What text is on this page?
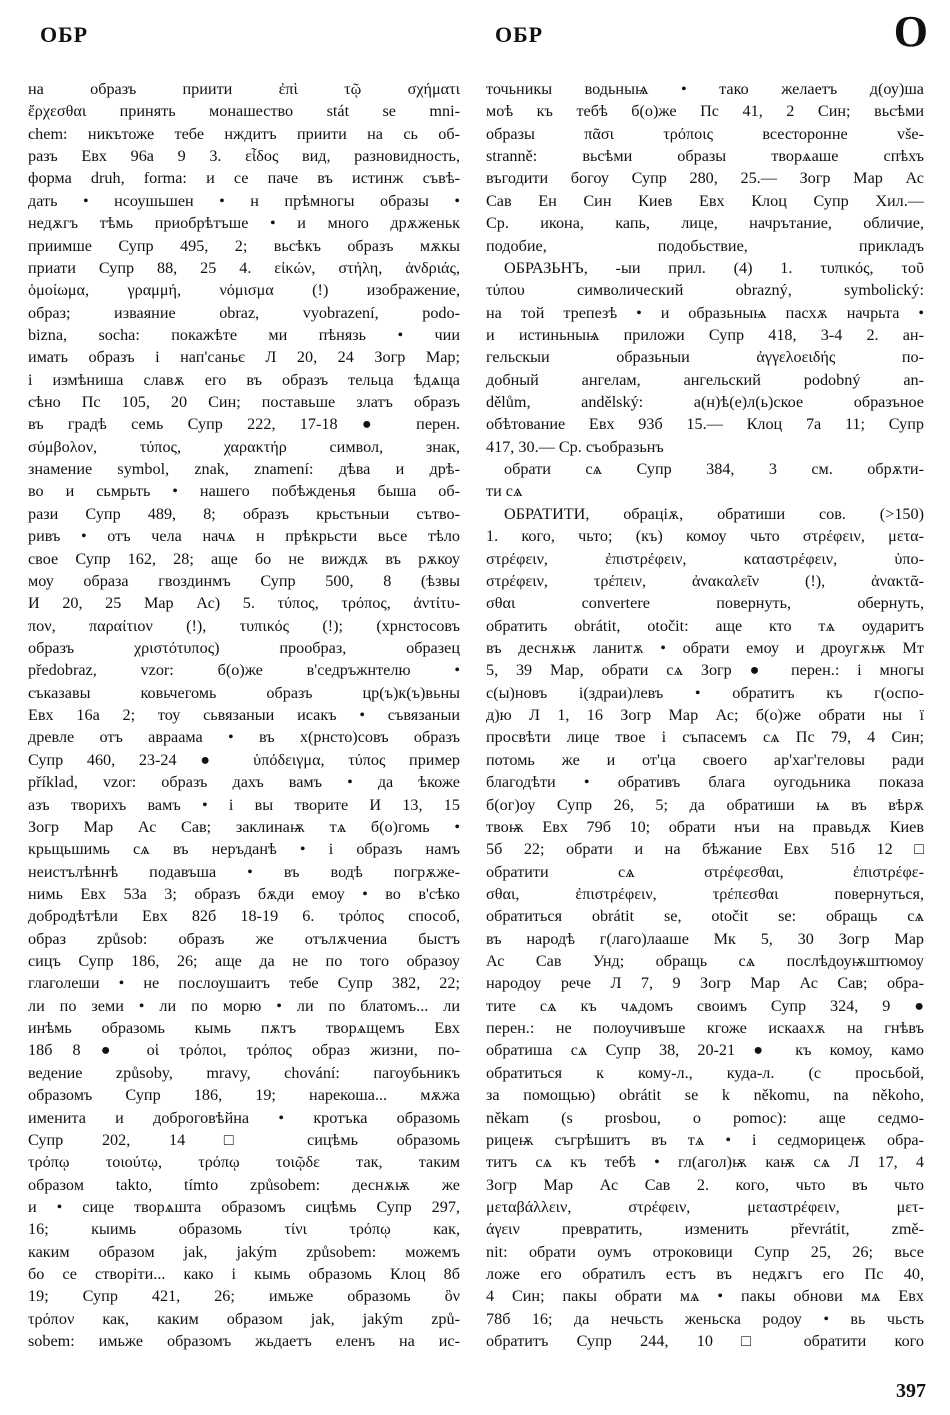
ОБР	ОБР	О
на образъ приити ἐπὶ τῷ σχήματι
ἔρχεσθαι принять монашество stát se mni-
chem: никътоже тебе нждитъ приити на сь об-
разъ Евх 96а 9 3. εἶδος вид, разновидность,
форма druh, forma: и се паче въ истинж съвѣ-
дать • нсоушьшен • н прѣмногы образы •
недѫгъ тѣмь приобрѣтъше • и много дрѫженьк
приимше Супр 495, 2; вьсѣкъ образъ мѫкы
приати Супр 88, 25 4. εἰκών, στήλη, ἀνδριάς,
ὁμοίωμα, γραμμή, νόμισμα (!) изображение,
образ; изваяние obraz, vyobrazení, podo-
bizna, socha: покажѣте ми пѣнязь • чии
имать образъ і нап'саньє Л 20, 24 Зогр Мар;
і измѣниша славѫ его въ образъ тельца ѣдѧща
сѣно Пс 105, 20 Син; поставьше златъ образъ
въ градѣ семь Супр 222, 17-18 ● перен.
σύμβολον, τύπος, χαρακτήρ символ, знак,
знамение symbol, znak, znamení: дѣва и дрѣ-
во и сьмрьть • нашего побѣжденья быша об-
рази Супр 489, 8; образъ крьстьныи сътво-
ривъ • отъ чела начѧ н прѣкрьсти вьсе тѣло
свое Супр 162, 28; аще бо не виждѫ въ рѫкоу
моу образа гвоздинмъ Супр 500, 8 (ѣзвы
И 20, 25 Мар Ас) 5. τύπος, τρόπος, ἀντίτυ-
πον, παραίτιον (!), τυπικός (!); (хрнстосовъ
образъ χριστότυπος) прообраз, образец
předobraz, vzor: б(о)же в'седръжнтелю •
съказавы ковьчегомь образъ цр(ъ)к(ъ)вьны
Евх 16а 2; тоу сьвязаныи исакъ • съвязаныи
древле отъ авраама • въ х(рнсто)совъ образъ
Супр 460, 23-24 ● ὑπόδειγμα, τύπος пример
příklad, vzor: образъ дахъ вамъ • да ѣкоже
азъ творихъ вамъ • і вы творите И 13, 15
Зогр Мар Ас Сав; заклинаѭ тѧ б(о)гомь •
крьщьшимь сѧ въ неръданѣ • і образъ намъ
неистълѣннѣ подавъша • въ водѣ погрѫже-
нимь Евх 53а 3; образъ бѫди емоу • во в'сѣко
добродѣтѣли Евх 82б 18-19 6. τρόπος способ,
образ způsob: образъ же отълѫчениа быстъ
сицъ Супр 186, 26; аще да не по того образоу
глаголеши • не послоушаитъ тебе Супр 382, 22;
ли по земи • ли по морю • ли по блатомъ... ли
инѣмь образомь кымь пѫтъ творѧщемъ Евх
18б 8 ● οἱ τρόποι, τρόπος образ жизни, по-
ведение způsoby, mravy, chování: пагоубьникъ
образомъ Супр 186, 19; нарекоша... мѫжа
именита и доброговѣйна • кротъка образомь
Супр 202, 14 □ сицѣмь образомь
τρόπῳ τοιούτῳ, τρόπῳ τοιῷδε так, таким
образом takto, tímto způsobem: деснѫѭ же
и • сице творѧшта образомъ сицѣмь Супр 297,
16; кыимь образомь τίνι τρόπῳ как,
каким образом jak, jakým způsobem: можемъ
бо се створіти... како і кымь образомь Клоц 8б
19; Супр 421, 26; имьже образомь ὃν
τρόπον как, каким образом jak, jakým způ-
sobem: имьже образомъ жьдаетъ еленъ на ис-
точьникы водьныѩ • тако желаетъ д(оу)ша
моѣ къ тебѣ б(о)же Пс 41, 2 Син; вьсѣми
образы πᾶσι τρόποις всесторонне vše-
stranně: вьсѣми образы творѧаше спѣхъ
въгодити богоу Супр 280, 25.— Зогр Мар Ас
Сав Ен Син Киев Евх Клоц Супр Хил.—
Ср. икона, капь, лице, начрътание, обличие,
подобие, подобьствие, прикладъ
ОБРАЗЬНЪ, -ыи прил. (4) 1. τυπικός, τοῦ
τύπου символический obrazný, symbolický:
на той трепезѣ • и образьныѩ пасхѫ начрьта •
и истиньныѩ приложи Супр 418, 3-4 2. ан-
гельскыи образьныи ἀγγελοειδής по-
добный ангелам, ангельский podobný an-
dělům, andělský: а(н)ѣ(е)л(ь)ское образъное
обѣтование Евх 93б 15.— Клоц 7а 11; Супр
417, 30.— Ср. съобразьнъ
обрати сѧ Супр 384, 3 см. обрѫти-
ти сѧ
ОБРАТИТИ, обраціѫ, обратиши сов. (>150)
1. кого, чьто; (къ) комоу чьто στρέφειν, μετα-
στρέφειν, ἐπιστρέφειν, καταστρέφειν, ὑπο-
στρέφειν, τρέπειν, ἀνακαλεῖν (!), ἀνακτᾶ-
σθαι convertere повернуть, обернуть,
обратить obrátit, otočit: аще кто тѧ оударитъ
въ деснѫѭ ланитѫ • обрати емоу и дроугѫѭ Мт
5, 39 Мар, обрати сѧ Зогр ● перен.: і многы
с(ы)новъ і(здраи)левъ • обратитъ къ г(оспо-
д)ю Л 1, 16 Зогр Мар Ас; б(о)же обрати ны ї
просвѣти лице твое і съпасемъ сѧ Пс 79, 4 Син;
потомь же и от'ца своего ар'хаг'геловы ради
благодѣти • обративъ блага оугодьника показа
б(ог)оу Супр 26, 5; да обратиши ѩ въ вѣрѫ
твоѭ Евх 79б 10; обрати нъи на правьдѫ Киев
5б 22; обрати и на бѣжание Евх 51б 12 □
обратити сѧ στρέφεσθαι, ἐπιστρέφε-
σθαι, ἐπιστρέφειν, τρέπεσθαι повернуться,
обратиться obrátit se, otočit se: обращь сѧ
въ народѣ г(лаго)лааше Мк 5, 30 Зогр Мар
Ас Сав Унд; обращь сѧ послѣдоуѭштюмоу
народоу рече Л 7, 9 Зогр Мар Ас Сав; обра-
тите сѧ къ чѧдомъ своимъ Супр 324, 9 ●
перен.: не полоучивъше кгоже искаахѫ на гнѣвъ
обратиша сѧ Супр 38, 20-21 ● къ комоу, камо
обратиться к кому-л., куда-л. (с просьбой,
за помощью) obrátit se k někomu, na někoho,
někam (s prosbou, o pomoc): аще седмо-
рицеѭ съгрѣшитъ въ тѧ • і седморицеѭ обра-
титъ сѧ къ тебѣ • гл(агол)ѭ каѭ сѧ Л 17, 4
Зогр Мар Ас Сав 2. кого, чьто въ чьто
μεταβάλλειν, στρέφειν, μεταστρέφειν, μετ-
άγειν превратить, изменить převrátit, změ-
nit: обрати оумъ отроковици Супр 25, 26; вьсе
ложе его обратилъ естъ въ недѫгъ его Пс 40,
4 Син; пакы обрати мѧ • пакы обнови мѧ Евх
78б 16; да нечьсть женьска родоу • вь чьсть
обратитъ Супр 244, 10 □ обратити кого
397
